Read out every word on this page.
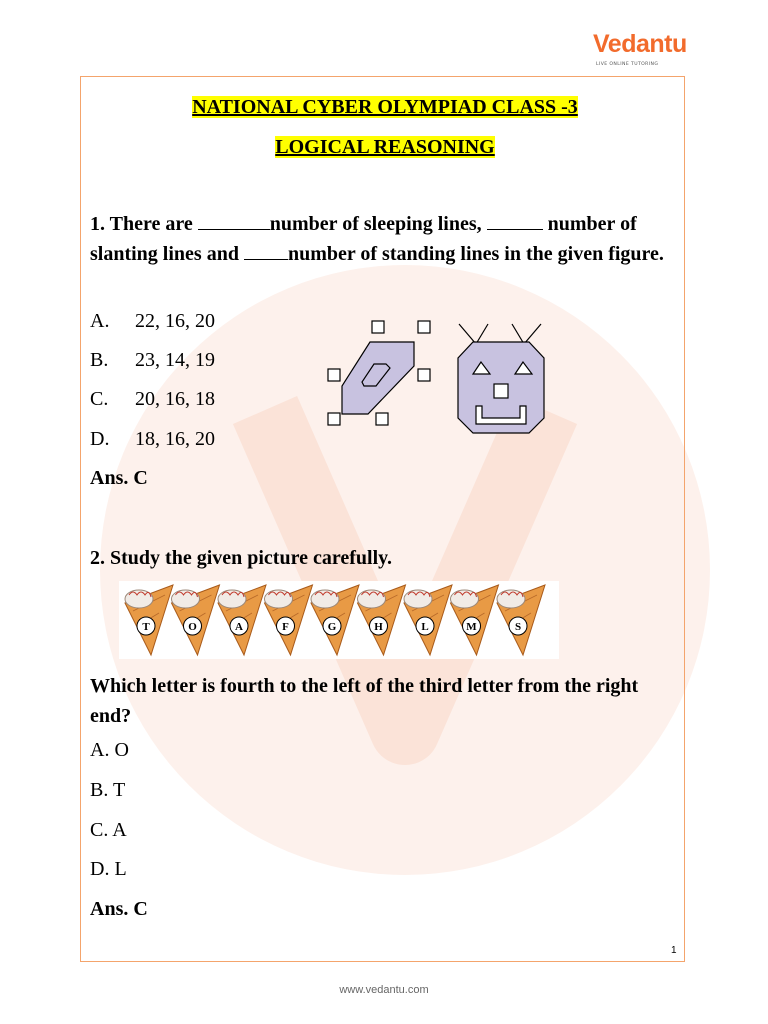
Vedantu
LIVE ONLINE TUTORING
NATIONAL CYBER OLYMPIAD CLASS -3
LOGICAL REASONING
1. There are	number of sleeping lines,	number of slanting lines and number of standing lines in the given figure.
A. 22, 16, 20
B. 23, 14, 19
C. 20, 16, 18
D. 18, 16, 20
Ans. C
2. Study the given picture carefully.
Which letter is fourth to the left of the third letter from the right end?
A. O
B. T
C. A
D. L
Ans. C
T	O	A	F	G	H	L	M	S
1
www.vedantu.com
